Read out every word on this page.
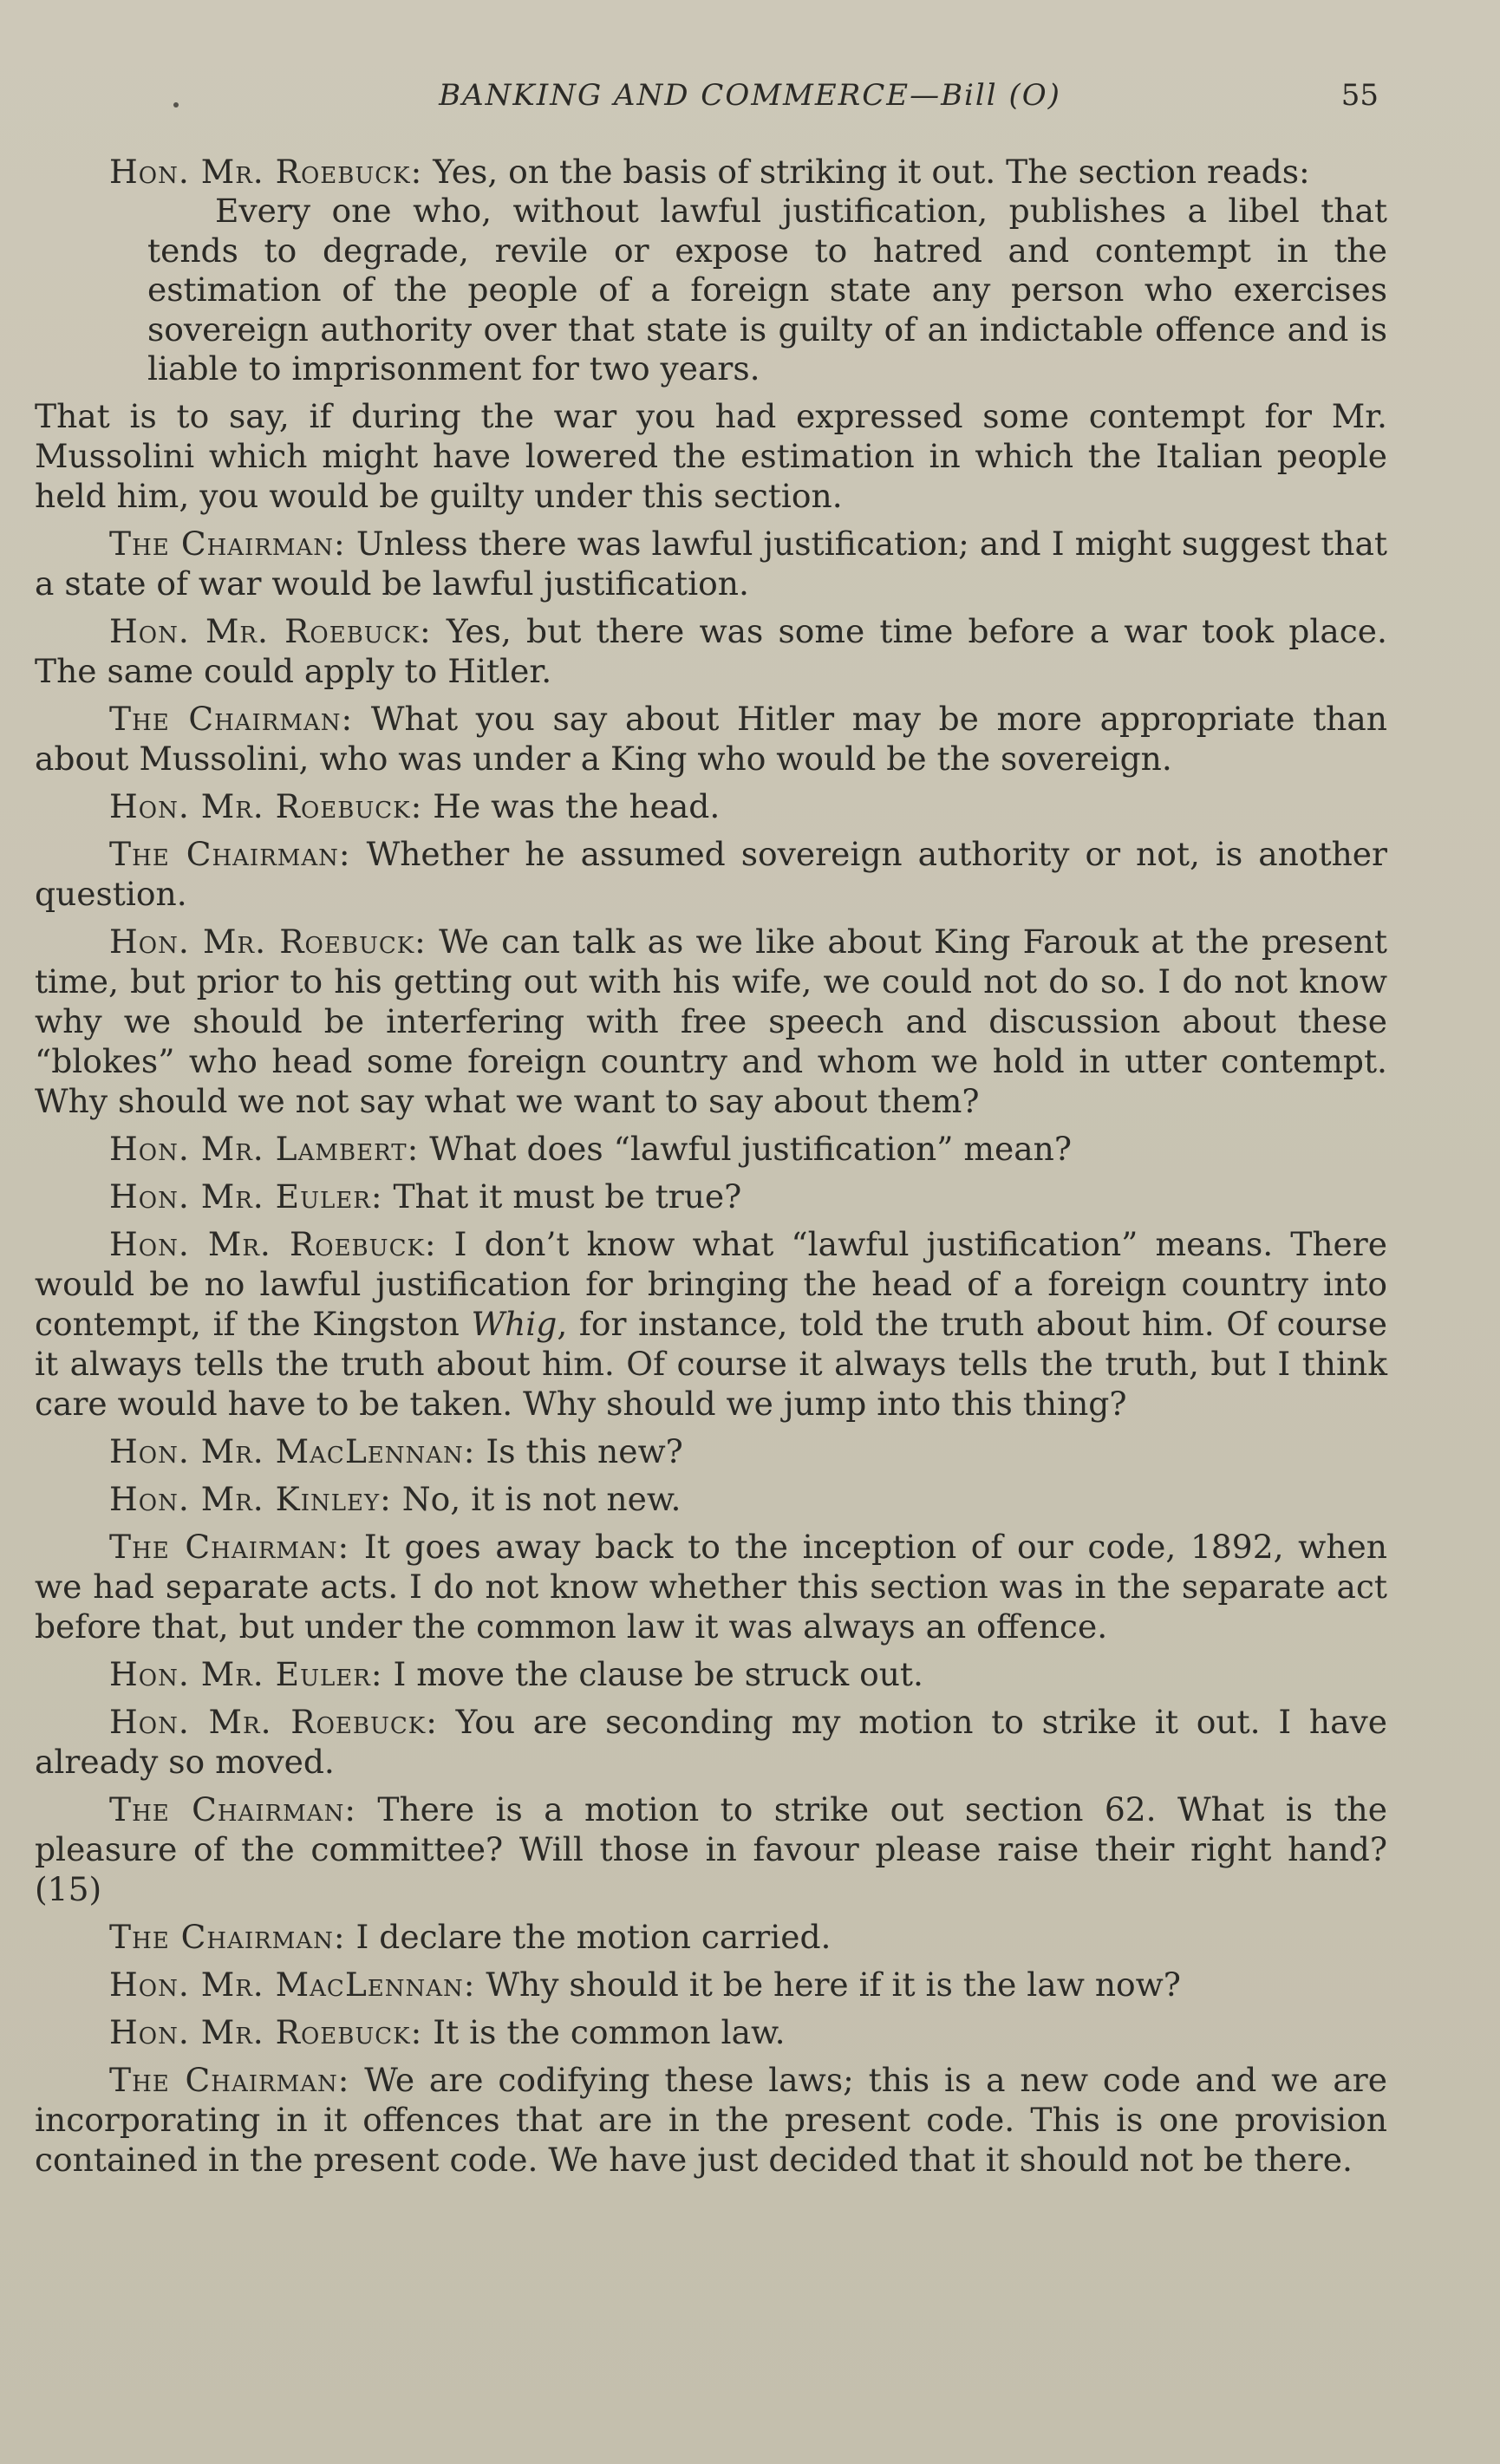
BANKING AND COMMERCE—Bill (O)	55

Hon. Mr. Roebuck: Yes, on the basis of striking it out. The section reads:

Every one who, without lawful justification, publishes a libel that tends to degrade, revile or expose to hatred and contempt in the estimation of the people of a foreign state any person who exercises sovereign authority over that state is guilty of an indictable offence and is liable to imprisonment for two years.

That is to say, if during the war you had expressed some contempt for Mr. Mussolini which might have lowered the estimation in which the Italian people held him, you would be guilty under this section.

The Chairman: Unless there was lawful justification; and I might suggest that a state of war would be lawful justification.

Hon. Mr. Roebuck: Yes, but there was some time before a war took place. The same could apply to Hitler.

The Chairman: What you say about Hitler may be more appropriate than about Mussolini, who was under a King who would be the sovereign.

Hon. Mr. Roebuck: He was the head.

The Chairman: Whether he assumed sovereign authority or not, is another question.

Hon. Mr. Roebuck: We can talk as we like about King Farouk at the present time, but prior to his getting out with his wife, we could not do so. I do not know why we should be interfering with free speech and discussion about these “blokes” who head some foreign country and whom we hold in utter contempt. Why should we not say what we want to say about them?

Hon. Mr. Lambert: What does “lawful justification” mean?

Hon. Mr. Euler: That it must be true?

Hon. Mr. Roebuck: I don’t know what “lawful justification” means. There would be no lawful justification for bringing the head of a foreign country into contempt, if the Kingston Whig, for instance, told the truth about him. Of course it always tells the truth about him. Of course it always tells the truth, but I think care would have to be taken. Why should we jump into this thing?

Hon. Mr. MacLennan: Is this new?

Hon. Mr. Kinley: No, it is not new.

The Chairman: It goes away back to the inception of our code, 1892, when we had separate acts. I do not know whether this section was in the separate act before that, but under the common law it was always an offence.

Hon. Mr. Euler: I move the clause be struck out.

Hon. Mr. Roebuck: You are seconding my motion to strike it out. I have already so moved.

The Chairman: There is a motion to strike out section 62. What is the pleasure of the committee? Will those in favour please raise their right hand? (15)

The Chairman: I declare the motion carried.

Hon. Mr. MacLennan: Why should it be here if it is the law now?

Hon. Mr. Roebuck: It is the common law.

The Chairman: We are codifying these laws; this is a new code and we are incorporating in it offences that are in the present code. This is one provision contained in the present code. We have just decided that it should not be there.
